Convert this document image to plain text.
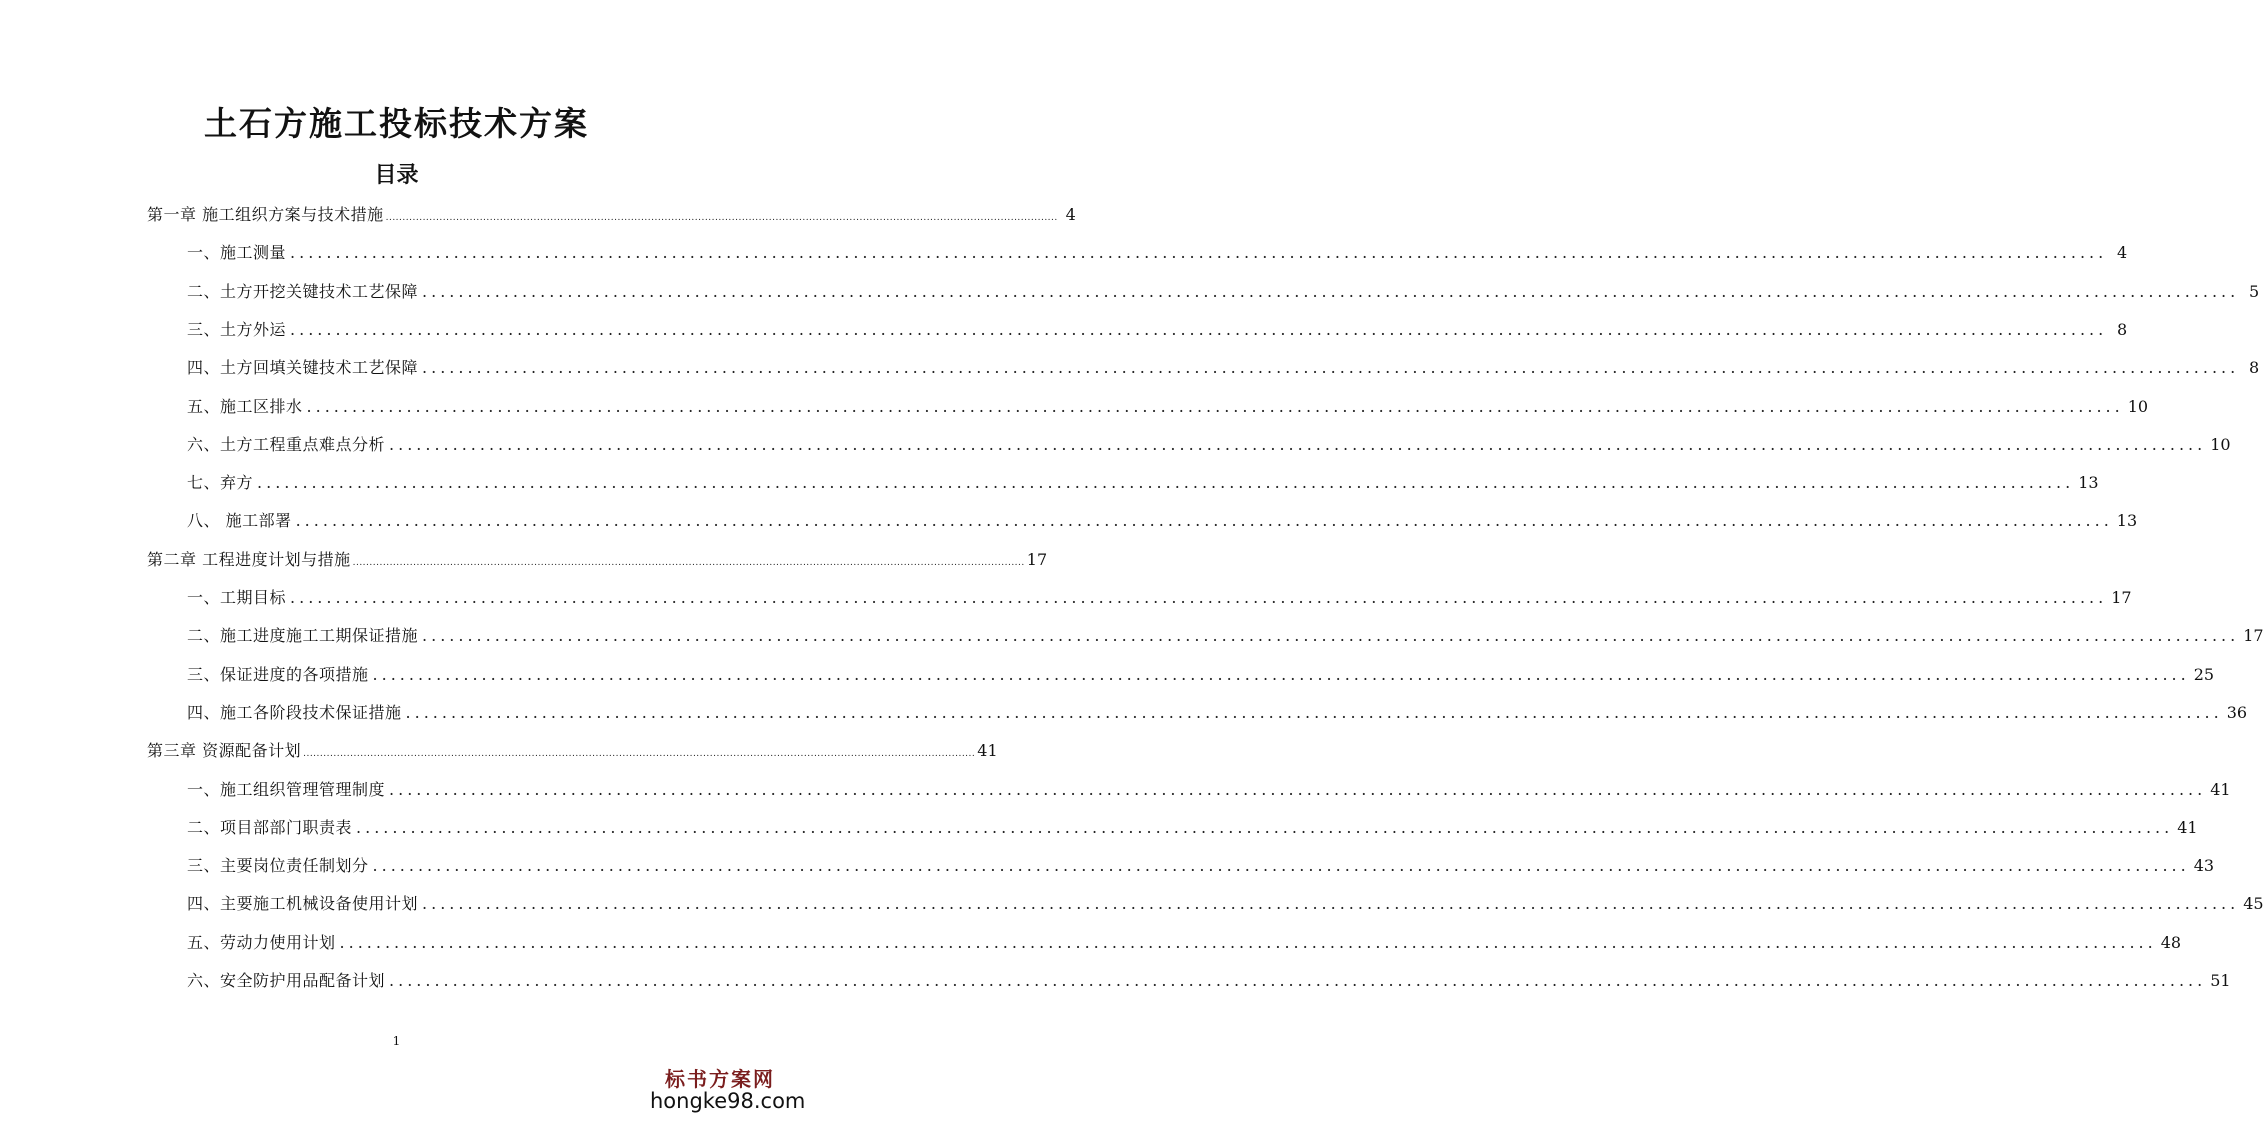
土石方施工投标技术方案
目录
第一章 施工组织方案与技术措施 ........................................................................................................................................................................................................ 4
一、施工测量 ........................................................................................................................................................................................................ 4
二、土方开挖关键技术工艺保障 ........................................................................................................................................................................................................ 5
三、土方外运 ........................................................................................................................................................................................................ 8
四、土方回填关键技术工艺保障 ........................................................................................................................................................................................................ 8
五、施工区排水 ........................................................................................................................................................................................................ 10
六、土方工程重点难点分析 ........................................................................................................................................................................................................ 10
七、弃方 ........................................................................................................................................................................................................ 13
八、 施工部署 ........................................................................................................................................................................................................ 13
第二章 工程进度计划与措施 ........................................................................................................................................................................................................ 17
一、工期目标 ........................................................................................................................................................................................................ 17
二、施工进度施工工期保证措施 ........................................................................................................................................................................................................ 17
三、保证进度的各项措施 ........................................................................................................................................................................................................ 25
四、施工各阶段技术保证措施 ........................................................................................................................................................................................................ 36
第三章 资源配备计划 ........................................................................................................................................................................................................ 41
一、施工组织管理管理制度 ........................................................................................................................................................................................................ 41
二、项目部部门职责表 ........................................................................................................................................................................................................ 41
三、主要岗位责任制划分 ........................................................................................................................................................................................................ 43
四、主要施工机械设备使用计划 ........................................................................................................................................................................................................ 45
五、劳动力使用计划 ........................................................................................................................................................................................................ 48
六、安全防护用品配备计划 ........................................................................................................................................................................................................ 51
1
标书方案网
hongke98.com
